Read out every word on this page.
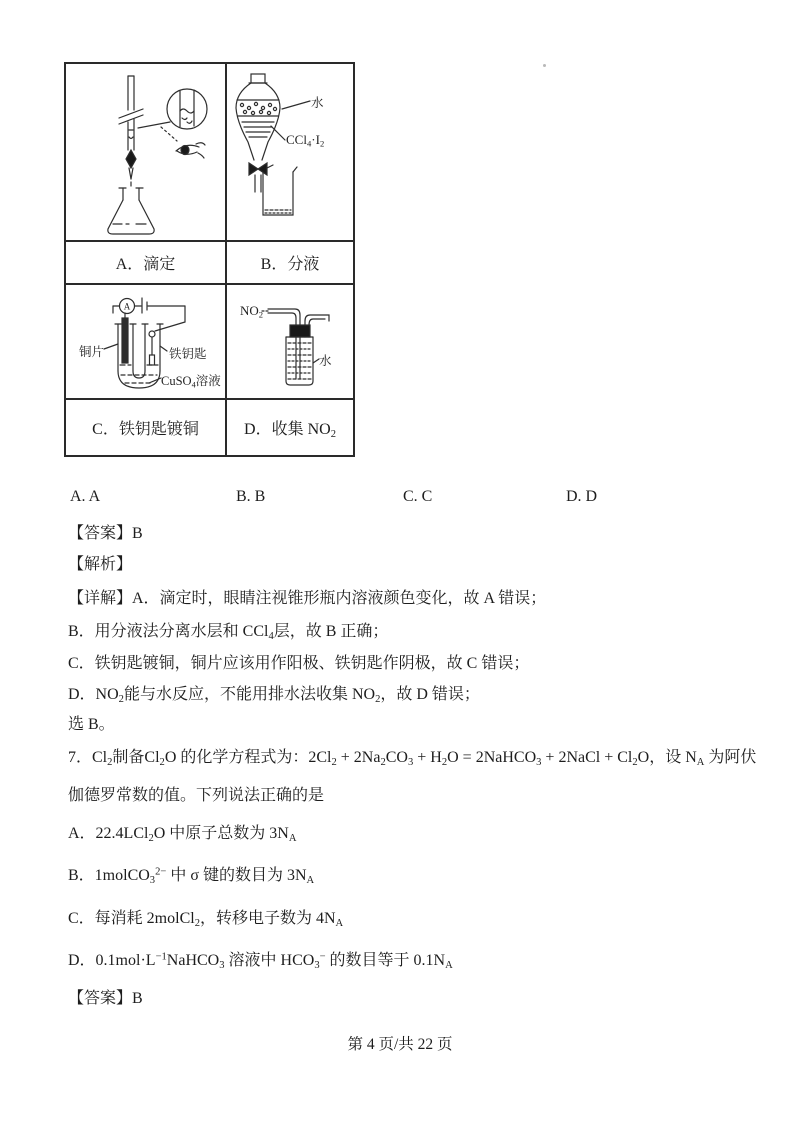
水
$CCl_4\cdot I_2$
A．滴定	B．分液
A
铜片	铁钥匙
CuSO$_4$溶液
$NO_2$
水
C．铁钥匙镀铜	D．收集 $NO_2$
A. A	B. B	C. C	D. D
【答案】B
【解析】
【详解】A．滴定时，眼睛注视锥形瓶内溶液颜色变化，故 A 错误；
B．用分液法分离水层和 CCl$_4$层，故 B 正确；
C．铁钥匙镀铜，铜片应该用作阳极、铁钥匙作阴极，故 C 错误；
D．$NO_2$能与水反应，不能用排水法收集 $NO_2$，故 D 错误；
选 B。
7．$Cl_2$制备$Cl_2O$ 的化学方程式为：$2Cl_2 + 2Na_2CO_3 + H_2O$ = 2NaHCO$_3$ + 2NaCl + $Cl_2O$，设 $N_A$ 为阿伏
伽德罗常数的值。下列说法正确的是
A．22.4LCl$_2$O 中原子总数为 $3N_A$
B．1molCO$_3^{2-}$ 中 σ 键的数目为 $3N_A$
C．每消耗 2molCl$_2$，转移电子数为 $4N_A$
D．$0.1mol\cdot L^{-1}NaHCO_3$ 溶液中 $HCO_3^-$ 的数目等于 $0.1N_A$
【答案】B
第 4 页/共 22 页
